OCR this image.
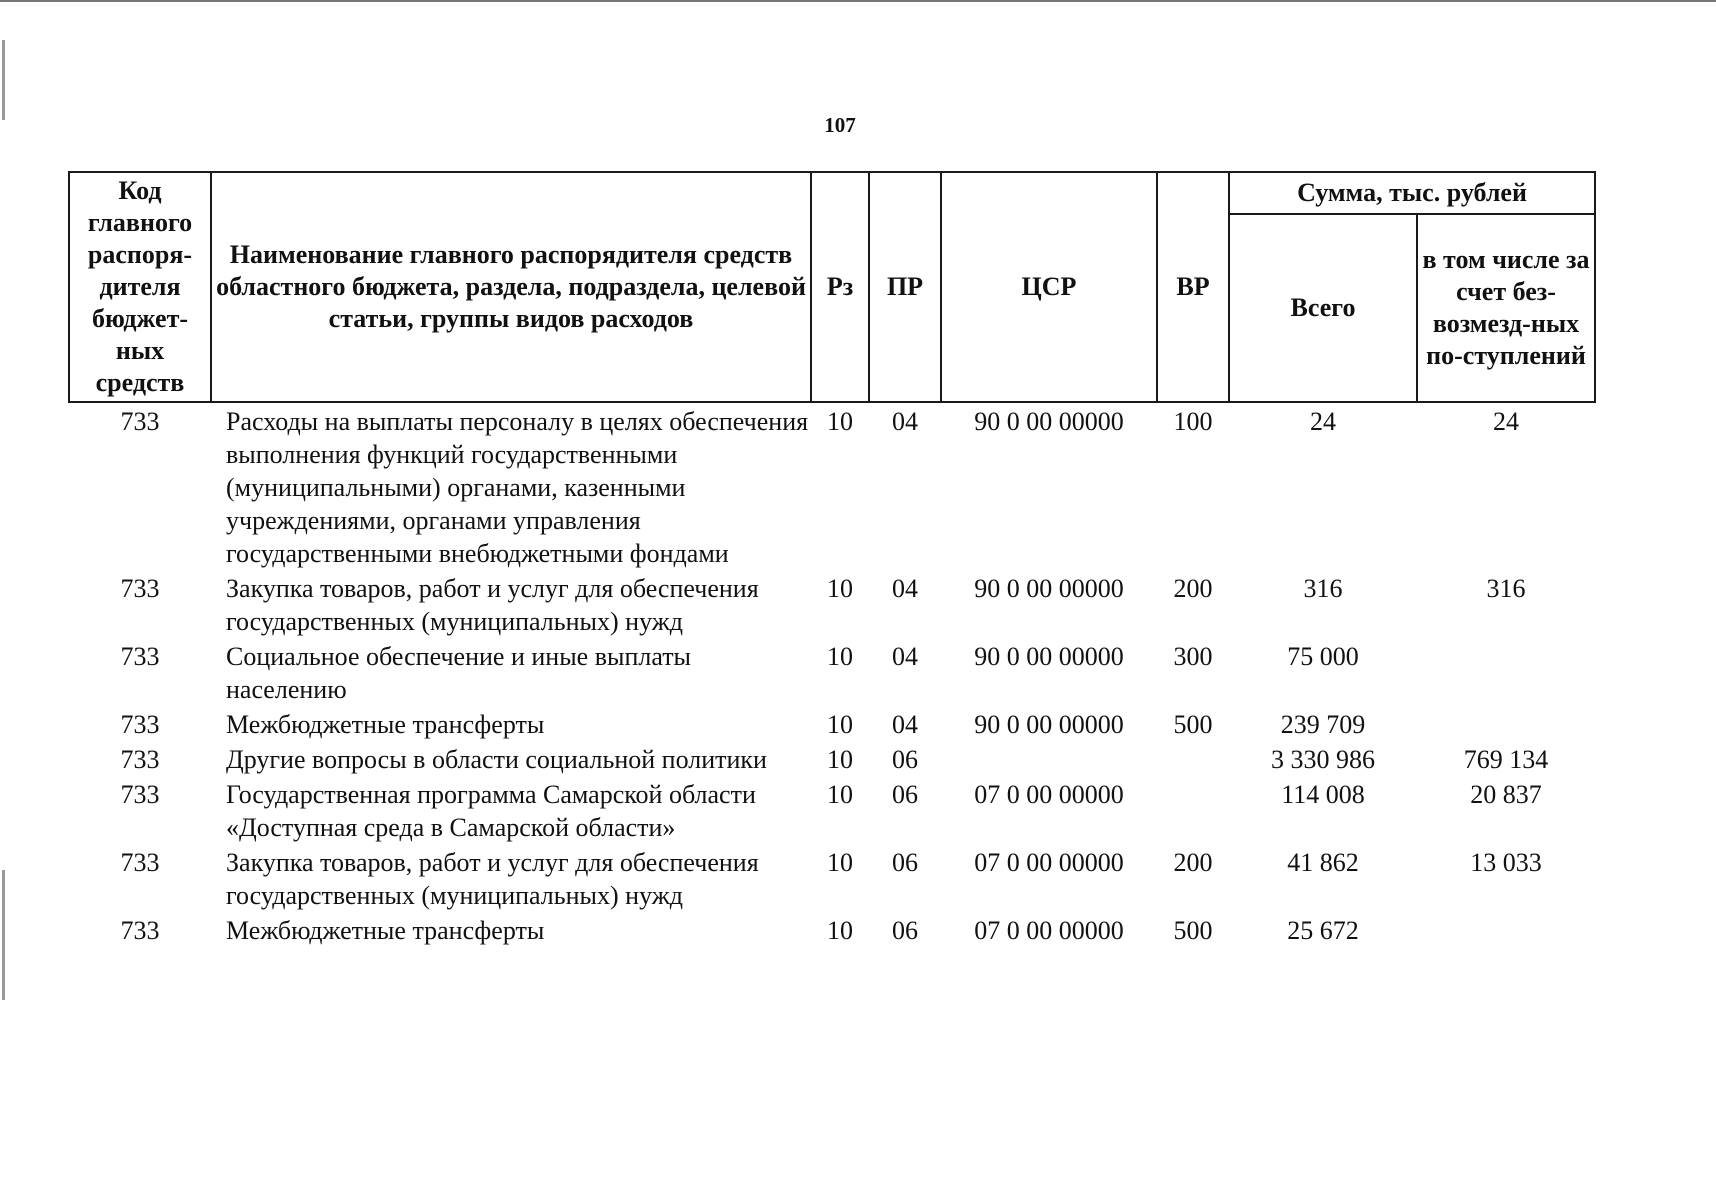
107
Код главного распоря-дителя бюджет-ных средств	Наименование главного распорядителя средств областного бюджета, раздела, подраздела, целевой статьи, группы видов расходов	Рз	ПР	ЦСР	ВР	Сумма, тыс. рублей	
						Всего	в том числе за счет без-возмезд-ных по-ступлений
733	Расходы на выплаты персоналу в целях обеспечения выполнения функций государственными (муниципальными) органами, казенными учреждениями, органами управления государственными внебюджетными фондами	10	04	90 0 00 00000	100	24	24
733	Закупка товаров, работ и услуг для обеспечения государственных (муниципальных) нужд	10	04	90 0 00 00000	200	316	316
733	Социальное обеспечение и иные выплаты населению	10	04	90 0 00 00000	300	75 000	
733	Межбюджетные трансферты	10	04	90 0 00 00000	500	239 709	
733	Другие вопросы в области социальной политики	10	06			3 330 986	769 134
733	Государственная программа Самарской области «Доступная среда в Самарской области»	10	06	07 0 00 00000		114 008	20 837
733	Закупка товаров, работ и услуг для обеспечения государственных (муниципальных) нужд	10	06	07 0 00 00000	200	41 862	13 033
733	Межбюджетные трансферты	10	06	07 0 00 00000	500	25 672	
